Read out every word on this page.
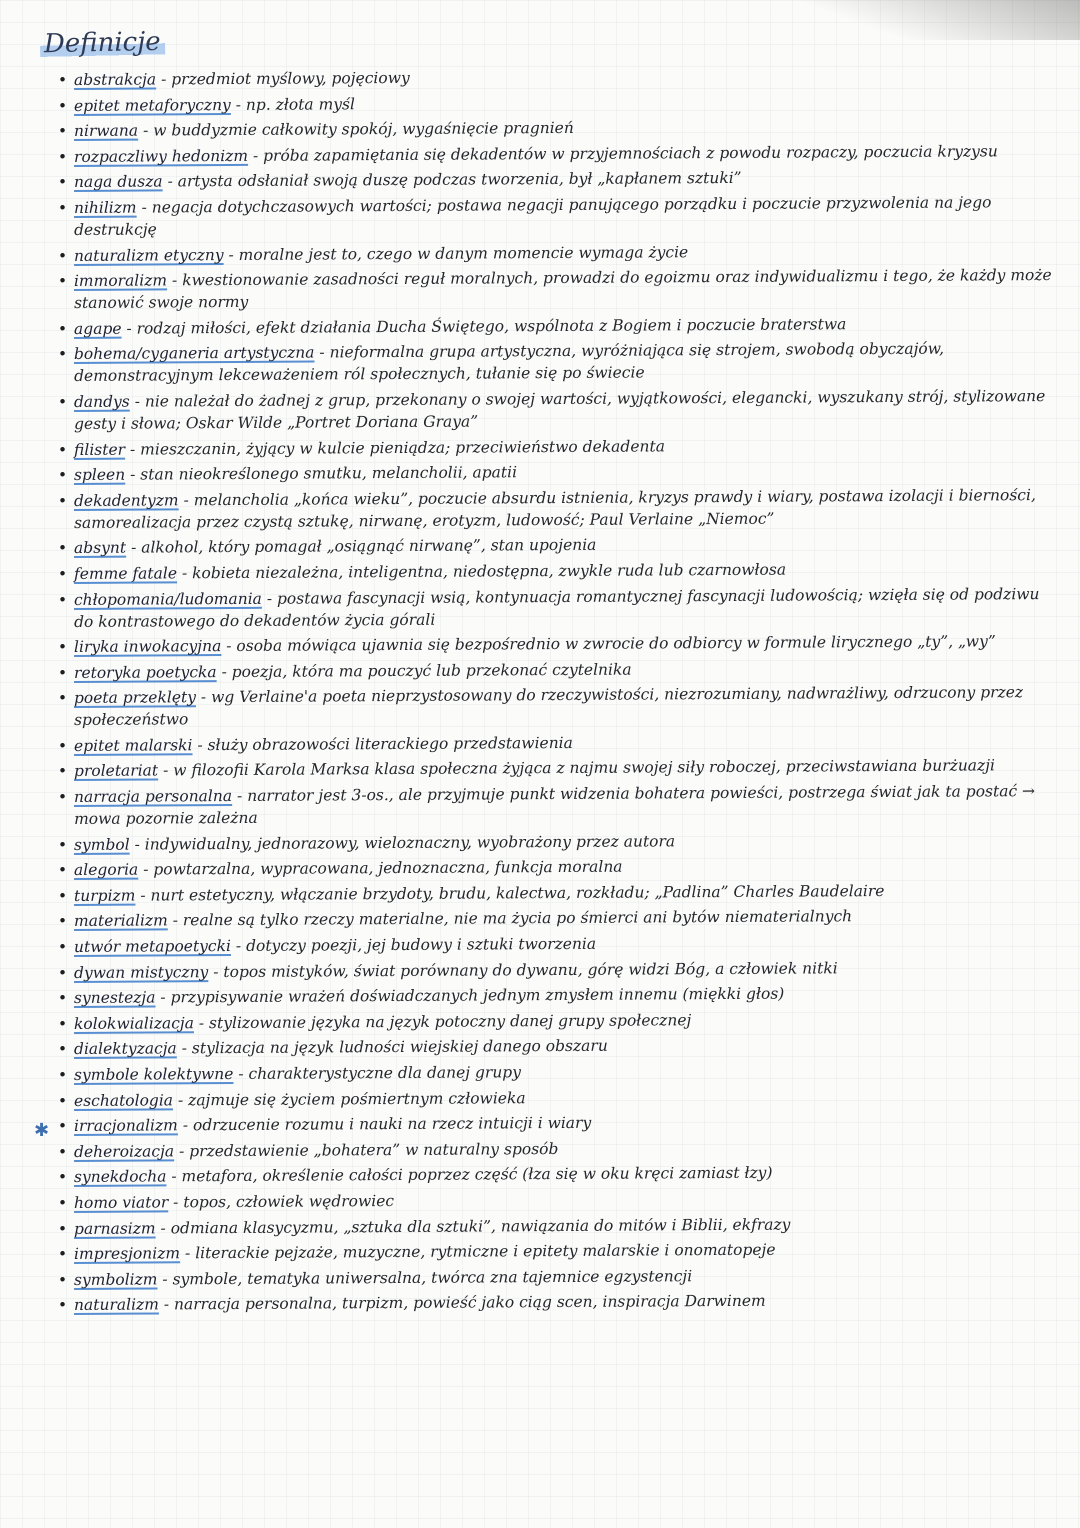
Definicje
✱
• abstrakcja - przedmiot myślowy, pojęciowy
• epitet metaforyczny - np. złota myśl
• nirwana - w buddyzmie całkowity spokój, wygaśnięcie pragnień
• rozpaczliwy hedonizm - próba zapamiętania się dekadentów w przyjemnościach z powodu rozpaczy, poczucia kryzysu
• naga dusza - artysta odsłaniał swoją duszę podczas tworzenia, był „kapłanem sztuki”
• nihilizm - negacja dotychczasowych wartości; postawa negacji panującego porządku i poczucie przyzwolenia na jego destrukcję
• naturalizm etyczny - moralne jest to, czego w danym momencie wymaga życie
• immoralizm - kwestionowanie zasadności reguł moralnych, prowadzi do egoizmu oraz indywidualizmu i tego, że każdy może stanowić swoje normy
• agape - rodzaj miłości, efekt działania Ducha Świętego, wspólnota z Bogiem i poczucie braterstwa
• bohema/cyganeria artystyczna - nieformalna grupa artystyczna, wyróżniająca się strojem, swobodą obyczajów, demonstracyjnym lekceważeniem ról społecznych, tułanie się po świecie
• dandys - nie należał do żadnej z grup, przekonany o swojej wartości, wyjątkowości, elegancki, wyszukany strój, stylizowane gesty i słowa; Oskar Wilde „Portret Doriana Graya”
• filister - mieszczanin, żyjący w kulcie pieniądza; przeciwieństwo dekadenta
• spleen - stan nieokreślonego smutku, melancholii, apatii
• dekadentyzm - melancholia „końca wieku”, poczucie absurdu istnienia, kryzys prawdy i wiary, postawa izolacji i bierności, samorealizacja przez czystą sztukę, nirwanę, erotyzm, ludowość; Paul Verlaine „Niemoc”
• absynt - alkohol, który pomagał „osiągnąć nirwanę”, stan upojenia
• femme fatale - kobieta niezależna, inteligentna, niedostępna, zwykle ruda lub czarnowłosa
• chłopomania/ludomania - postawa fascynacji wsią, kontynuacja romantycznej fascynacji ludowością; wzięła się od podziwu do kontrastowego do dekadentów życia górali
• liryka inwokacyjna - osoba mówiąca ujawnia się bezpośrednio w zwrocie do odbiorcy w formule lirycznego „ty”, „wy”
• retoryka poetycka - poezja, która ma pouczyć lub przekonać czytelnika
• poeta przeklęty - wg Verlaine'a poeta nieprzystosowany do rzeczywistości, niezrozumiany, nadwrażliwy, odrzucony przez społeczeństwo
• epitet malarski - służy obrazowości literackiego przedstawienia
• proletariat - w filozofii Karola Marksa klasa społeczna żyjąca z najmu swojej siły roboczej, przeciwstawiana burżuazji
• narracja personalna - narrator jest 3-os., ale przyjmuje punkt widzenia bohatera powieści, postrzega świat jak ta postać → mowa pozornie zależna
• symbol - indywidualny, jednorazowy, wieloznaczny, wyobrażony przez autora
• alegoria - powtarzalna, wypracowana, jednoznaczna, funkcja moralna
• turpizm - nurt estetyczny, włączanie brzydoty, brudu, kalectwa, rozkładu; „Padlina” Charles Baudelaire
• materializm - realne są tylko rzeczy materialne, nie ma życia po śmierci ani bytów niematerialnych
• utwór metapoetycki - dotyczy poezji, jej budowy i sztuki tworzenia
• dywan mistyczny - topos mistyków, świat porównany do dywanu, górę widzi Bóg, a człowiek nitki
• synestezja - przypisywanie wrażeń doświadczanych jednym zmysłem innemu (miękki głos)
• kolokwializacja - stylizowanie języka na język potoczny danej grupy społecznej
• dialektyzacja - stylizacja na język ludności wiejskiej danego obszaru
• symbole kolektywne - charakterystyczne dla danej grupy
• eschatologia - zajmuje się życiem pośmiertnym człowieka
• irracjonalizm - odrzucenie rozumu i nauki na rzecz intuicji i wiary
• deheroizacja - przedstawienie „bohatera” w naturalny sposób
• synekdocha - metafora, określenie całości poprzez część (łza się w oku kręci zamiast łzy)
• homo viator - topos, człowiek wędrowiec
• parnasizm - odmiana klasycyzmu, „sztuka dla sztuki”, nawiązania do mitów i Biblii, ekfrazy
• impresjonizm - literackie pejzaże, muzyczne, rytmiczne i epitety malarskie i onomatopeje
• symbolizm - symbole, tematyka uniwersalna, twórca zna tajemnice egzystencji
• naturalizm - narracja personalna, turpizm, powieść jako ciąg scen, inspiracja Darwinem
